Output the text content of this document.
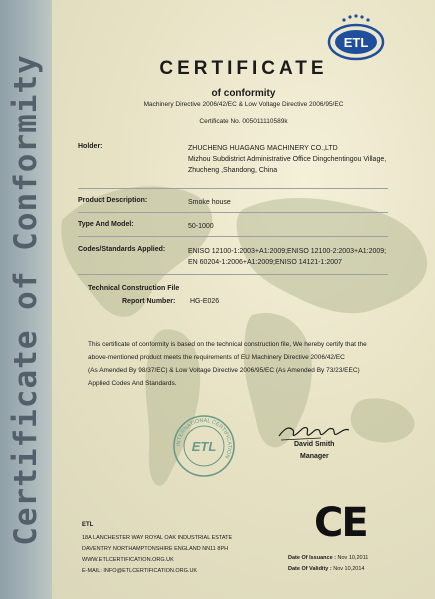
Certificate of Conformity
ETL
CERTIFICATE
of conformity
Machinery Directive 2006/42/EC & Low Voltage Directive 2006/95/EC
Certificate No. 005011110589k
Holder:	ZHUCHENG HUAGANG MACHINERY CO.,LTD
Mizhou Subdistrict Administrative Office Dingchentingou Village,
Zhucheng ,Shandong, China
Product Description:	Smoke house
Type And Model:	50-1000
Codes/Standards Applied:	ENISO 12100-1:2003+A1:2009;ENISO 12100-2:2003+A1:2009;
EN 60204-1:2006+A1:2009;ENISO 14121-1:2007
Technical Construction File
Report Number: HG-E026
This certificate of conformity is based on the technical construction file, We hereby certify that the
above-mentioned product meets the requirements of EU Machinery Directive 2006/42/EC
(As Amended By 98/37/EC) & Low Voltage Directive 2006/95/EC (As Amended By 73/23/EEC)
Applied Codes And Standards.
INTERNATIONAL CERTIFICATION
ETL	David Smith
Manager
ETL
18A LANCHESTER WAY ROYAL OAK INDUSTRIAL ESTATE
DAVENTRY NORTHAMPTONSHIRE ENGLAND NN11 8PH
WWW.ETLCERTIFICATION.ORG.UK
E-MAIL: INFO@ETLCERTIFICATION.ORG.UK
CE
Date Of Issuance : Nov 10,2011
Date Of Validity : Nov 10,2014
